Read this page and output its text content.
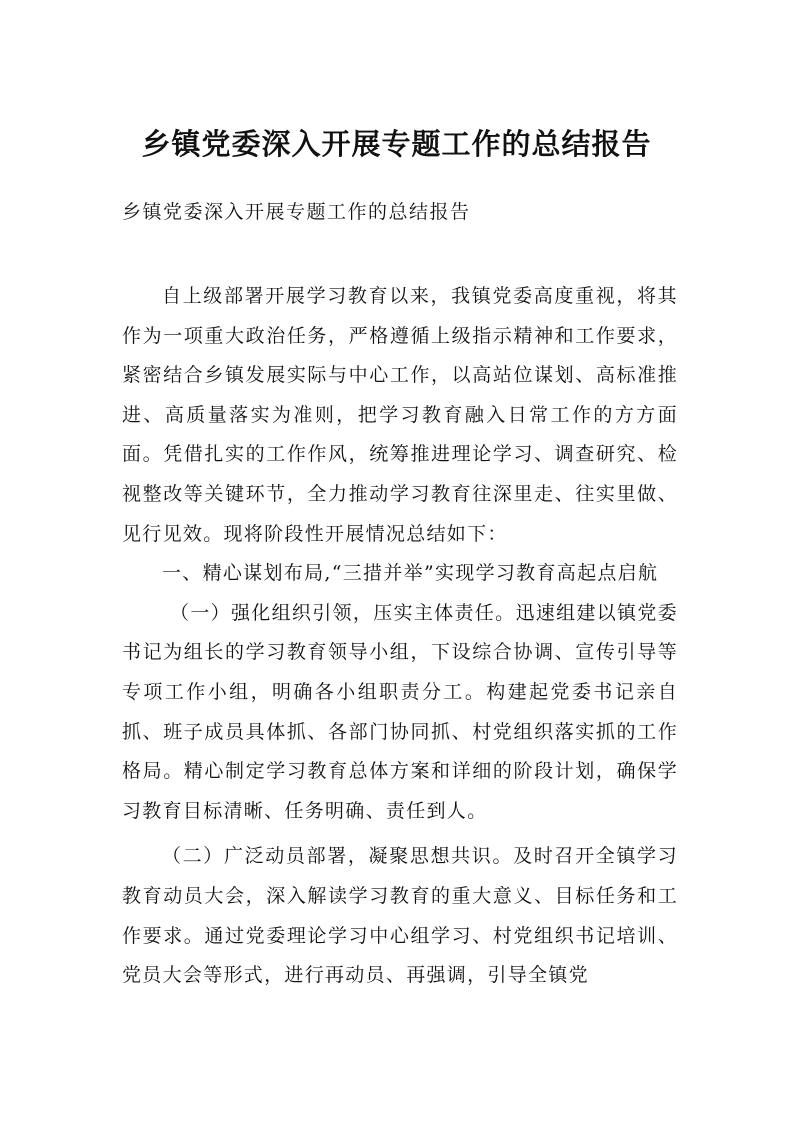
乡镇党委深入开展专题工作的总结报告

乡镇党委深入开展专题工作的总结报告

自上级部署开展学习教育以来，我镇党委高度重视，将其作为一项重大政治任务，严格遵循上级指示精神和工作要求，紧密结合乡镇发展实际与中心工作，以高站位谋划、高标准推进、高质量落实为准则，把学习教育融入日常工作的方方面面。凭借扎实的工作作风，统筹推进理论学习、调查研究、检视整改等关键环节，全力推动学习教育往深里走、往实里做、见行见效。现将阶段性开展情况总结如下：

一、精心谋划布局,“三措并举”实现学习教育高起点启航

（一）强化组织引领，压实主体责任。迅速组建以镇党委书记为组长的学习教育领导小组，下设综合协调、宣传引导等专项工作小组，明确各小组职责分工。构建起党委书记亲自抓、班子成员具体抓、各部门协同抓、村党组织落实抓的工作格局。精心制定学习教育总体方案和详细的阶段计划，确保学习教育目标清晰、任务明确、责任到人。

（二）广泛动员部署，凝聚思想共识。及时召开全镇学习教育动员大会，深入解读学习教育的重大意义、目标任务和工作要求。通过党委理论学习中心组学习、村党组织书记培训、党员大会等形式，进行再动员、再强调，引导全镇党
